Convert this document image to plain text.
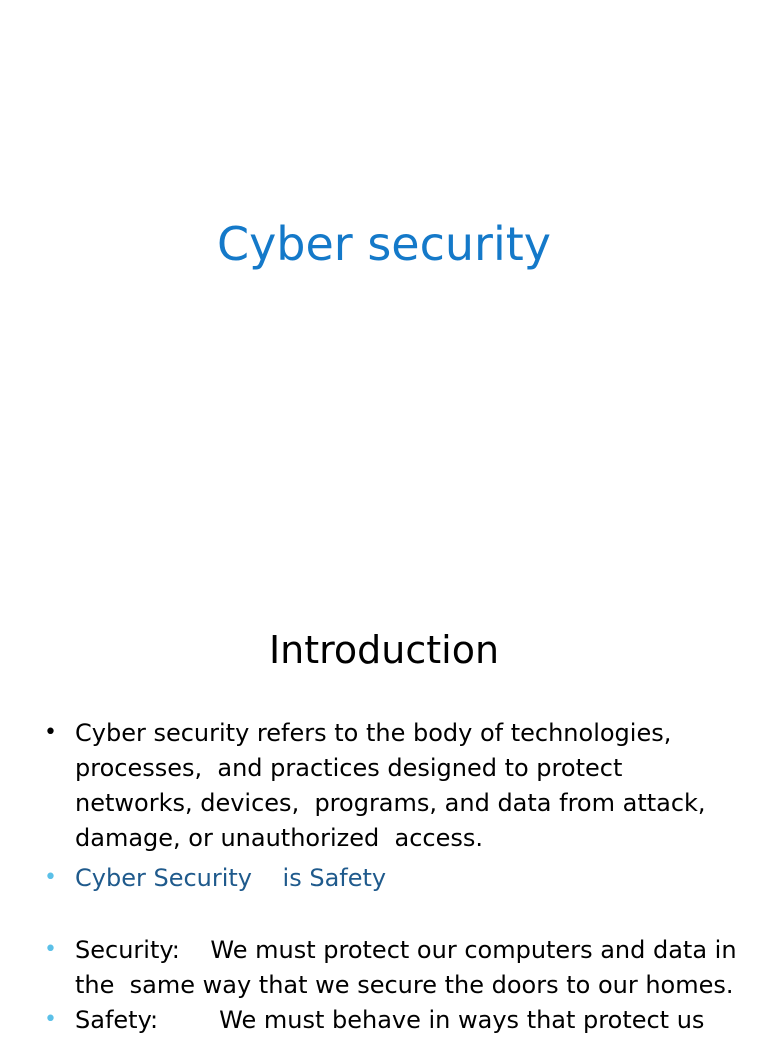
Cyber security
Introduction
• Cyber security refers to the body of technologies,
processes,  and practices designed to protect
networks, devices,  programs, and data from attack,
damage, or unauthorized  access.
• Cyber Security    is Safety
• Security:    We must protect our computers and data in
the  same way that we secure the doors to our homes.
• Safety:        We must behave in ways that protect us
